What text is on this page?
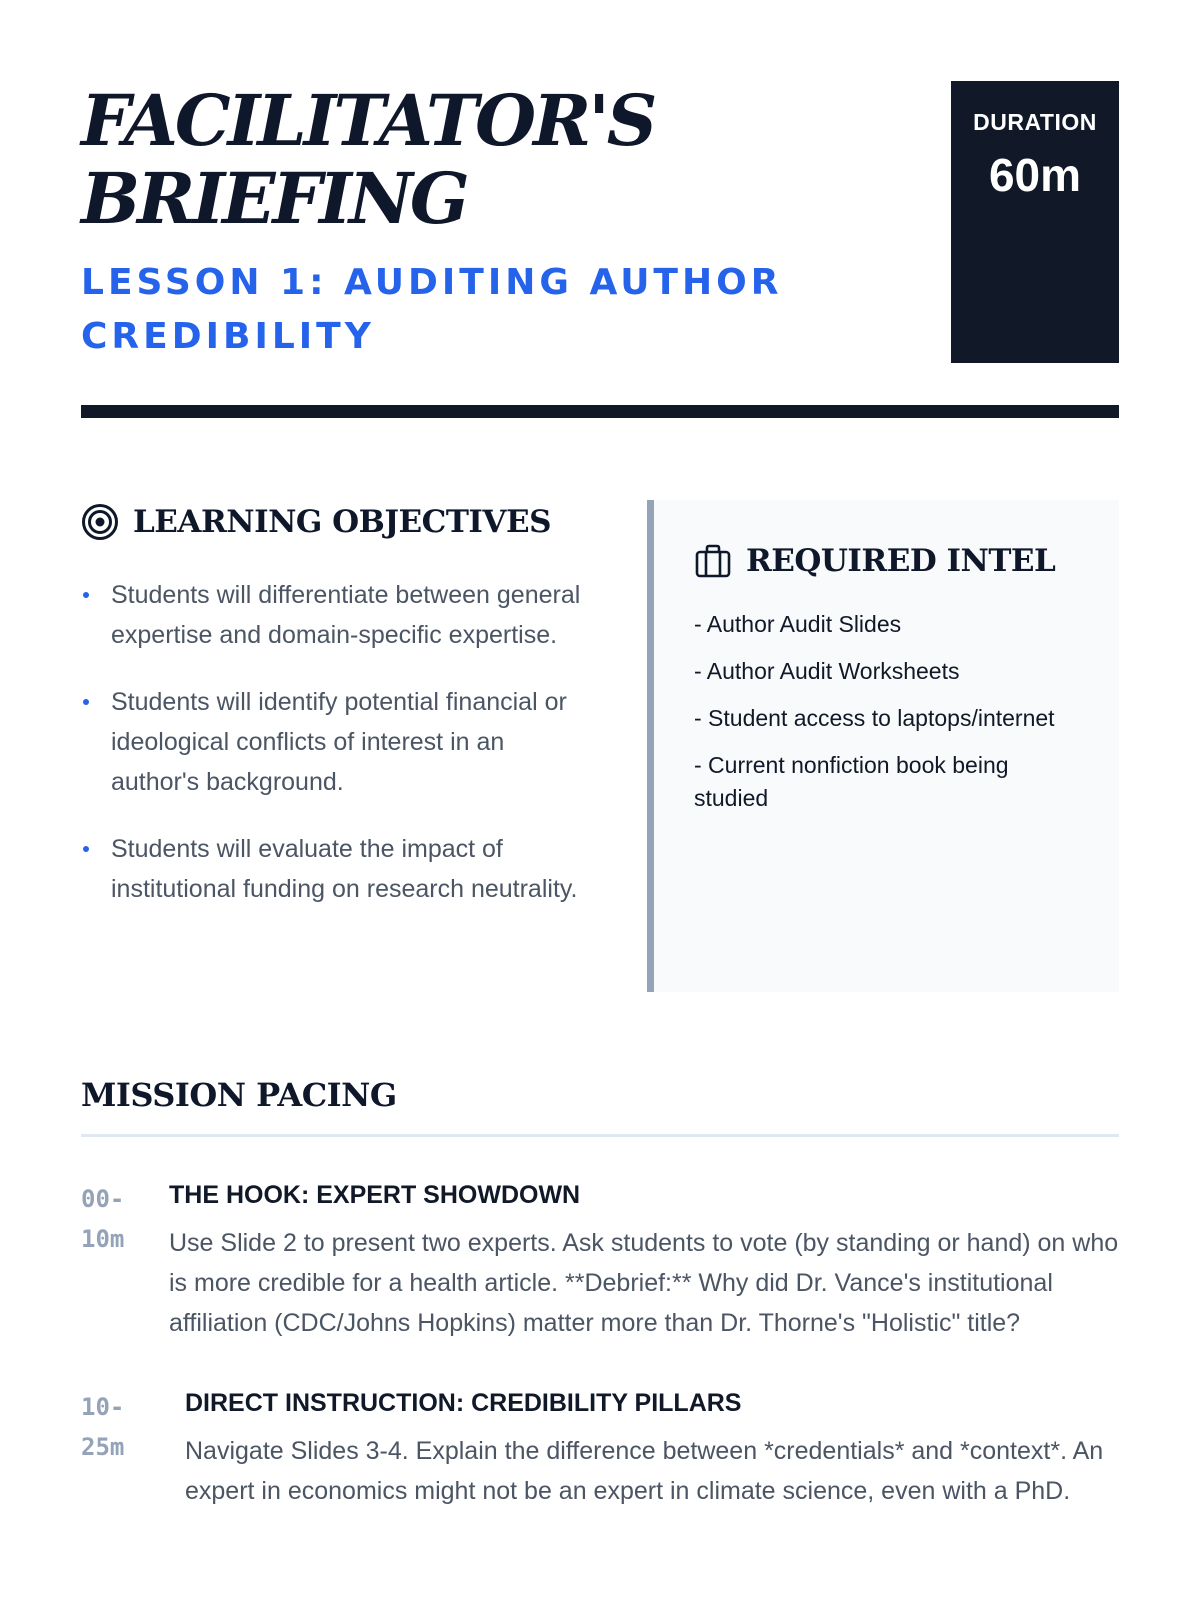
FACILITATOR'S BRIEFING
LESSON 1: AUDITING AUTHOR CREDIBILITY
DURATION
60m
LEARNING OBJECTIVES
Students will differentiate between general expertise and domain-specific expertise.
Students will identify potential financial or ideological conflicts of interest in an author's background.
Students will evaluate the impact of institutional funding on research neutrality.
REQUIRED INTEL
- Author Audit Slides
- Author Audit Worksheets
- Student access to laptops/internet
- Current nonfiction book being studied
MISSION PACING
00-
10m
THE HOOK: EXPERT SHOWDOWN
Use Slide 2 to present two experts. Ask students to vote (by standing or hand) on who is more credible for a health article. **Debrief:** Why did Dr. Vance's institutional affiliation (CDC/Johns Hopkins) matter more than Dr. Thorne's "Holistic" title?
10-
25m
DIRECT INSTRUCTION: CREDIBILITY PILLARS
Navigate Slides 3-4. Explain the difference between *credentials* and *context*. An expert in economics might not be an expert in climate science, even with a PhD.
